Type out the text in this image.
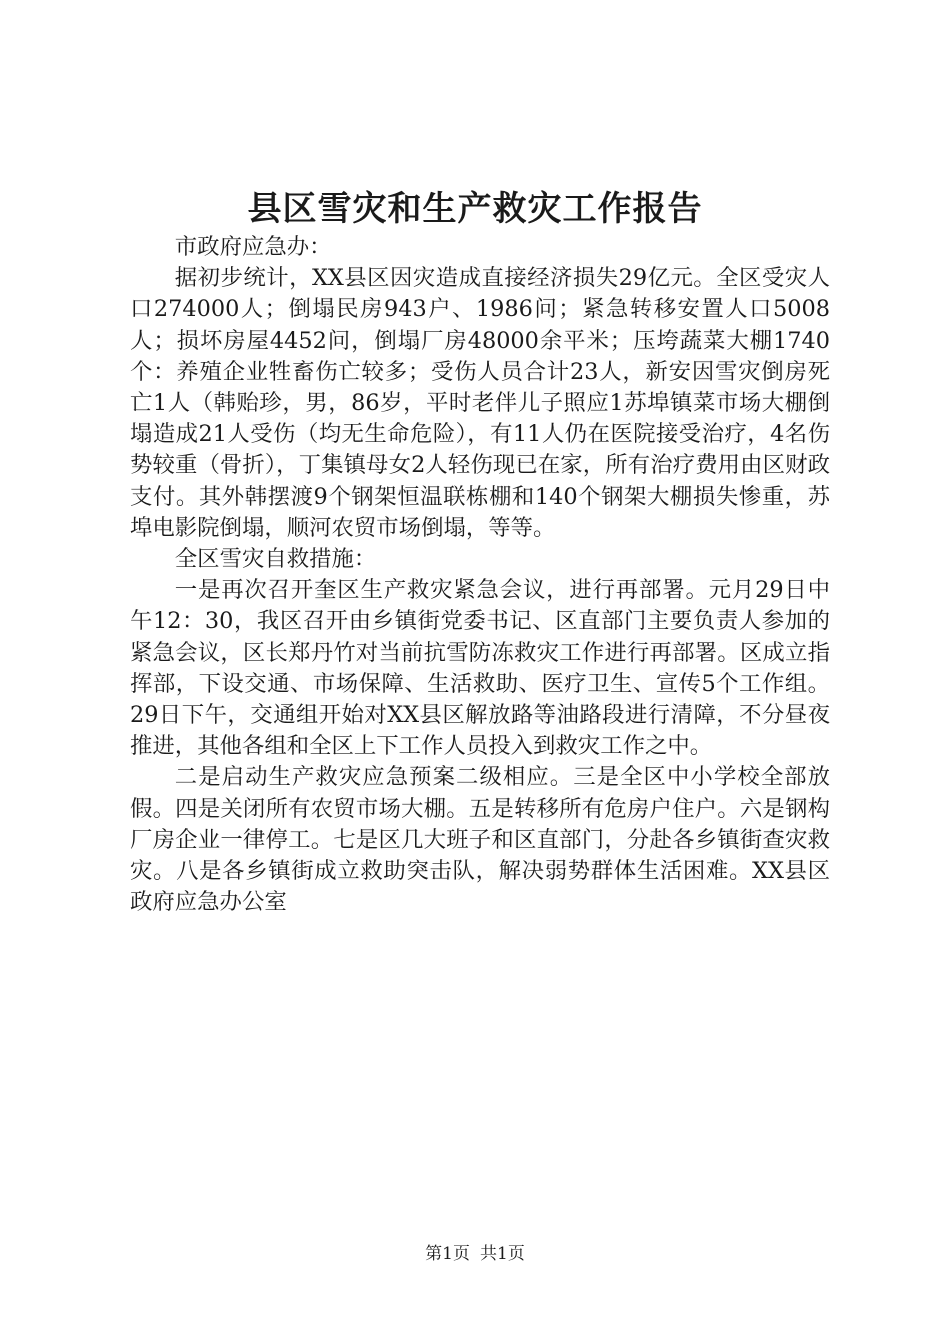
县区雪灾和生产救灾工作报告

市政府应急办：

据初步统计，XX县区因灾造成直接经济损失29亿元。全区受灾人口274000人；倒塌民房943户、1986问；紧急转移安置人口5008人；损坏房屋4452问，倒塌厂房48000余平米；压垮蔬菜大棚1740个：养殖企业牲畜伤亡较多；受伤人员合计23人，新安因雪灾倒房死亡1人（韩贻珍，男，86岁，平时老伴儿子照应1苏埠镇菜市场大棚倒塌造成21人受伤（均无生命危险），有11人仍在医院接受治疗，4名伤势较重（骨折），丁集镇母女2人轻伤现已在家，所有治疗费用由区财政支付。其外韩摆渡9个钢架恒温联栋棚和140个钢架大棚损失惨重，苏埠电影院倒塌，顺河农贸市场倒塌，等等。

全区雪灾自救措施：

一是再次召开奎区生产救灾紧急会议，进行再部署。元月29日中午12：30，我区召开由乡镇街党委书记、区直部门主要负责人参加的紧急会议，区长郑丹竹对当前抗雪防冻救灾工作进行再部署。区成立指挥部，下设交通、市场保障、生活救助、医疗卫生、宣传5个工作组。29日下午，交通组开始对XX县区解放路等油路段进行清障，不分昼夜推进，其他各组和全区上下工作人员投入到救灾工作之中。

二是启动生产救灾应急预案二级相应。三是全区中小学校全部放假。四是关闭所有农贸市场大棚。五是转移所有危房户住户。六是钢构厂房企业一律停工。七是区几大班子和区直部门，分赴各乡镇街查灾救灾。八是各乡镇街成立救助突击队，解决弱势群体生活困难。XX县区政府应急办公室

第1页 共1页
